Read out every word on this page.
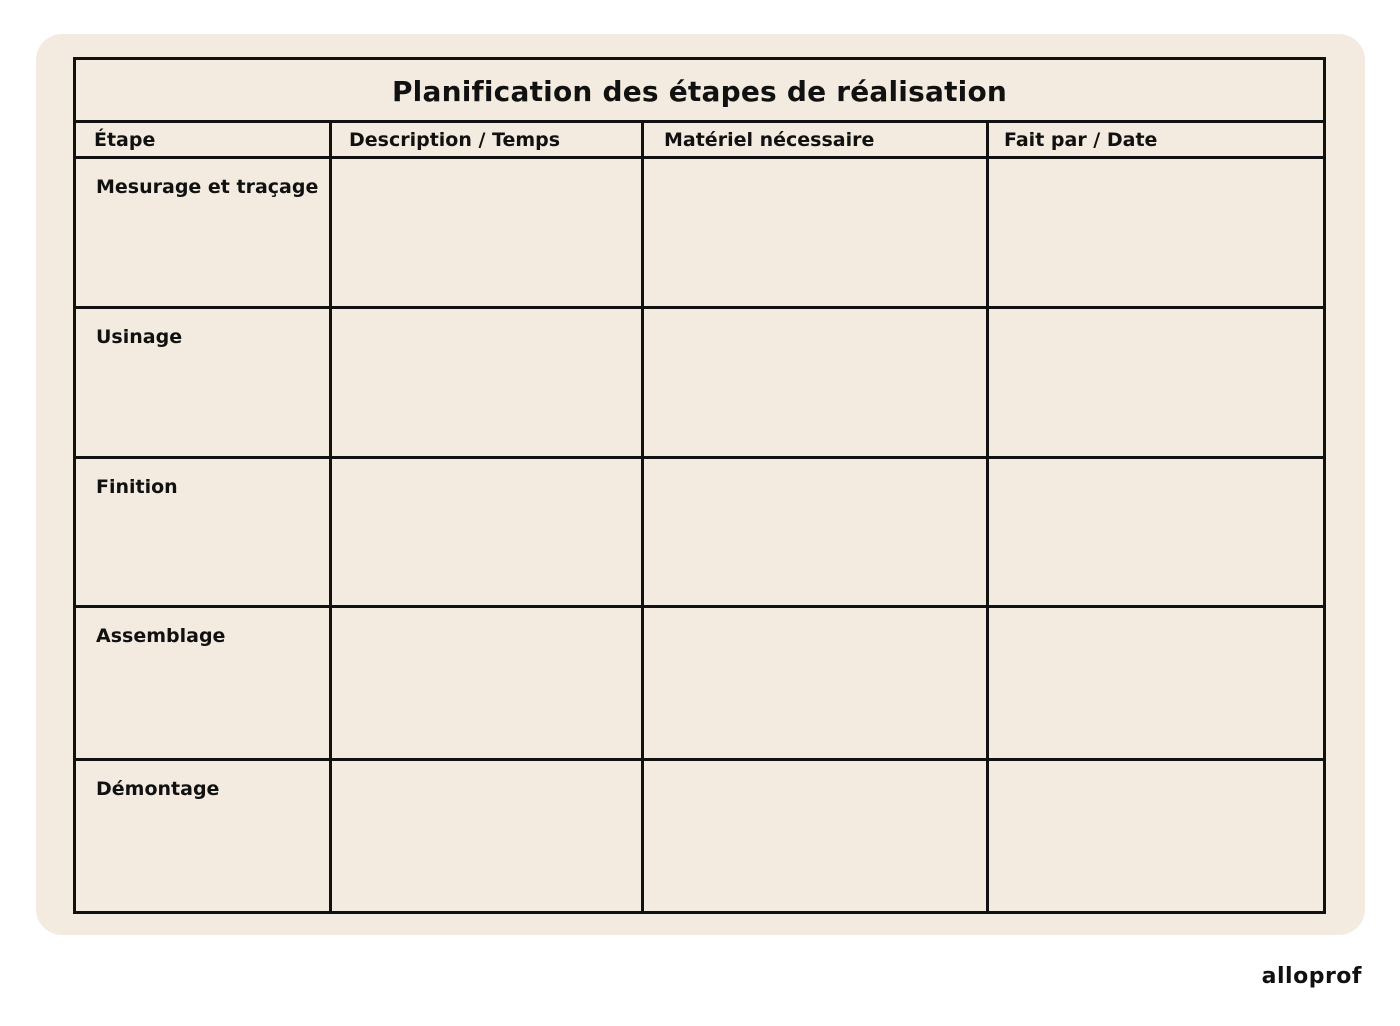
Planification des étapes de réalisation
Étape	Description / Temps	Matériel nécessaire	Fait par / Date
Mesurage et traçage
Usinage
Finition
Assemblage
Démontage
alloprof
